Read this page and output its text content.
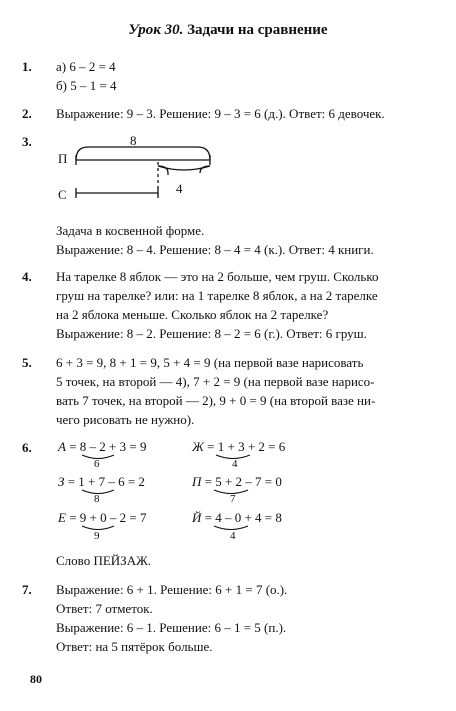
Урок 30. Задачи на сравнение
1. а) 6 – 2 = 4
б) 5 – 1 = 4
2. Выражение: 9 – 3. Решение: 9 – 3 = 6 (д.). Ответ: 6 девочек.
3.
П
С
8
4
Задача в косвенной форме.
Выражение: 8 – 4. Решение: 8 – 4 = 4 (к.). Ответ: 4 книги.
4. На тарелке 8 яблок — это на 2 больше, чем груш. Сколько
груш на тарелке? или: на 1 тарелке 8 яблок, а на 2 тарелке
на 2 яблока меньше. Сколько яблок на 2 тарелке?
Выражение: 8 – 2. Решение: 8 – 2 = 6 (г.). Ответ: 6 груш.
5. 6 + 3 = 9, 8 + 1 = 9, 5 + 4 = 9 (на первой вазе нарисовать
5 точек, на второй — 4), 7 + 2 = 9 (на первой вазе нарисо-
вать 7 точек, на второй — 2), 9 + 0 = 9 (на второй вазе ни-
чего рисовать не нужно).
6. А = 8 – 2 + 3 = 9
6
Ж = 1 + 3 + 2 = 6
4
З = 1 + 7 – 6 = 2
8
П = 5 + 2 – 7 = 0
7
Е = 9 + 0 – 2 = 7
9
Й = 4 – 0 + 4 = 8
4
Слово ПЕЙЗАЖ.
7. Выражение: 6 + 1. Решение: 6 + 1 = 7 (о.).
Ответ: 7 отметок.
Выражение: 6 – 1. Решение: 6 – 1 = 5 (п.).
Ответ: на 5 пятёрок больше.
80
